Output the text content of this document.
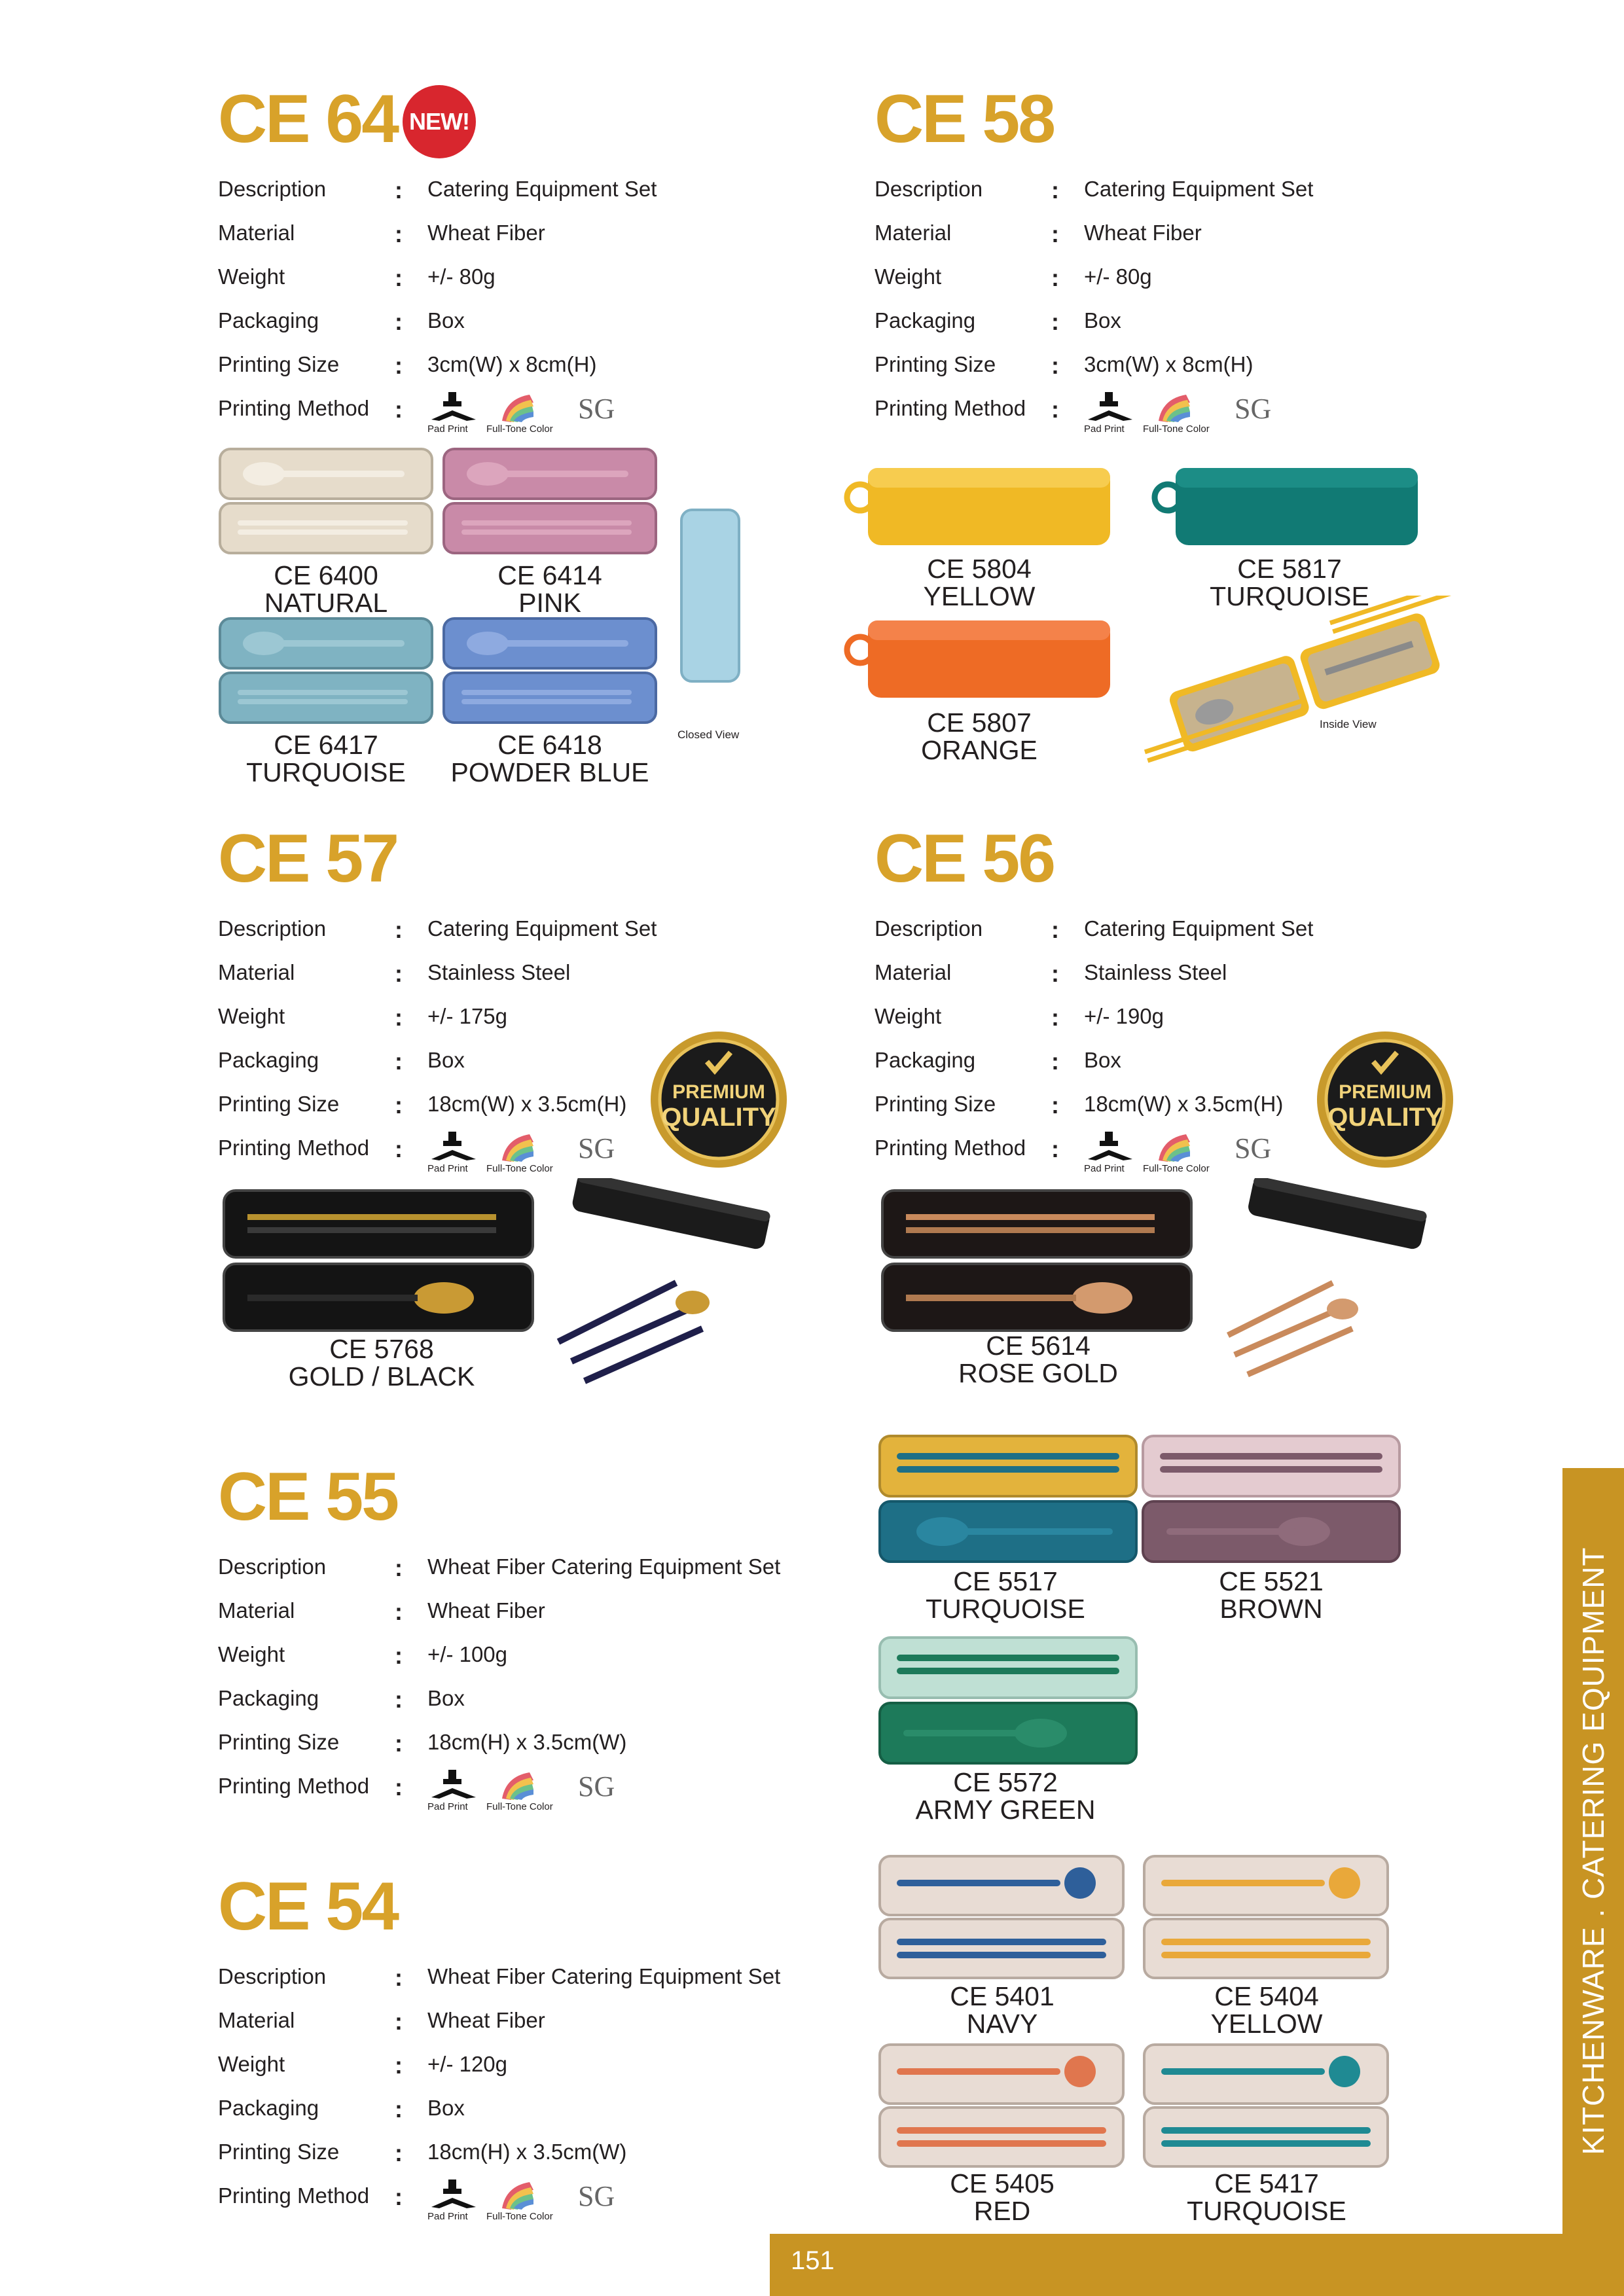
CE 64 NEW!
Description	: Catering Equipment Set
Material	: Wheat Fiber
Weight	: +/- 80g
Packaging	: Box
Printing Size : 3cm(W) x 8cm(H)
Printing Method :	SG
Pad Print Full-Tone Color
CE 6400
NATURAL
CE 6414
PINK
CE 6417
TURQUOISE
CE 6418
POWDER BLUE
Closed View
CE 58
Description	: Catering Equipment Set
Material	: Wheat Fiber
Weight	: +/- 80g
Packaging	: Box
Printing Size : 3cm(W) x 8cm(H)
Printing Method :	SG
Pad Print Full-Tone Color
CE 5804
YELLOW
CE 5817
TURQUOISE
CE 5807
ORANGE
Inside View
CE 57
Description	: Catering Equipment Set
Material	: Stainless Steel
Weight	: +/- 175g
Packaging	: Box
Printing Size : 18cm(W) x 3.5cm(H)
Printing Method :	SG
Pad Print Full-Tone Color
PREMIUM
QUALITY
CE 5768
GOLD / BLACK
CE 56
Description	: Catering Equipment Set
Material	: Stainless Steel
Weight	: +/- 190g
Packaging	: Box
Printing Size : 18cm(W) x 3.5cm(H)
Printing Method :	SG
Pad Print Full-Tone Color
PREMIUM
QUALITY
CE 5614
ROSE GOLD
CE 55
Description	: Wheat Fiber Catering Equipment Set
Material	: Wheat Fiber
Weight	: +/- 100g
Packaging	: Box
Printing Size : 18cm(H) x 3.5cm(W)
Printing Method :	SG
Pad Print Full-Tone Color
CE 5517
TURQUOISE
CE 5521
BROWN
CE 5572
ARMY GREEN
CE 54
Description	: Wheat Fiber Catering Equipment Set
Material	: Wheat Fiber
Weight	: +/- 120g
Packaging	: Box
Printing Size : 18cm(H) x 3.5cm(W)
Printing Method :	SG
Pad Print Full-Tone Color
CE 5401
NAVY
CE 5404
YELLOW
CE 5405
RED
CE 5417
TURQUOISE
KITCHENWARE . CATERING EQUIPMENT
151
